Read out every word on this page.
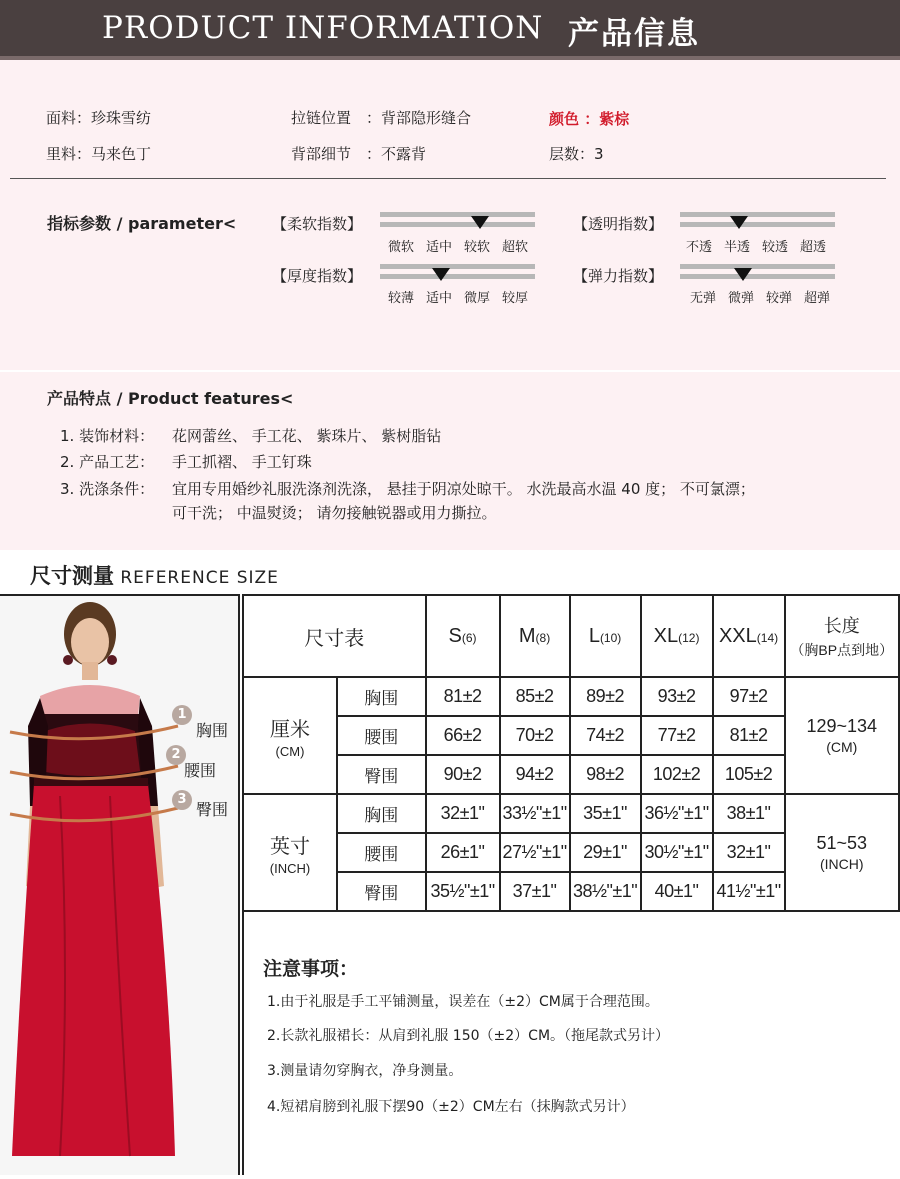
PRODUCT INFORMATION 产品信息
面料：珍珠雪纺
里料：马来色丁
拉链位置 ：背部隐形缝合
背部细节 ：不露背
颜色 ：紫棕
层数：3
指标参数 / parameter< 【柔软指数】
微软 适中 较软 超软
【透明指数】
不透 半透 较透 超透
【厚度指数】
较薄 适中 微厚 较厚
【弹力指数】
无弹 微弹 较弹 超弹
产品特点 / Product features<
1. 装饰材料： 花网蕾丝、 手工花、 紫珠片、 紫树脂钻
2. 产品工艺： 手工抓褶、 手工钉珠
3. 洗涤条件： 宜用专用婚纱礼服洗涤剂洗涤， 悬挂于阴凉处晾干。 水洗最高水温 40 度； 不可氯漂；
可干洗； 中温熨烫； 请勿接触锐器或用力撕拉。
尺寸测量 REFERENCE SIZE
1
胸围
2
腰围
3
臀围
尺寸表		S(6)	M(8)	L(10)	XL(12)	XXL(14)	长度
（胸BP点到地）

厘米
(CM)	胸围	81±2	85±2	89±2	93±2	97±2	129~134
(CM)

	腰围	66±2	70±2	74±2	77±2	81±2	
	臀围	90±2	94±2	98±2	102±2	105±2	
英寸
(INCH)	胸围	32±1"	33½"±1"	35±1"	36½"±1"	38±1"	51~53
(INCH)

	腰围	26±1"	27½"±1"	29±1"	30½"±1"	32±1"	
	臀围	35½"±1"	37±1"	38½"±1"	40±1"	41½"±1"	
注意事项：
1.由于礼服是手工平铺测量，误差在（±2）CM属于合理范围。
2.长款礼服裙长：从肩到礼服 150（±2）CM。（拖尾款式另计）
3.测量请勿穿胸衣，净身测量。
4.短裙肩膀到礼服下摆90（±2）CM左右（抹胸款式另计）
